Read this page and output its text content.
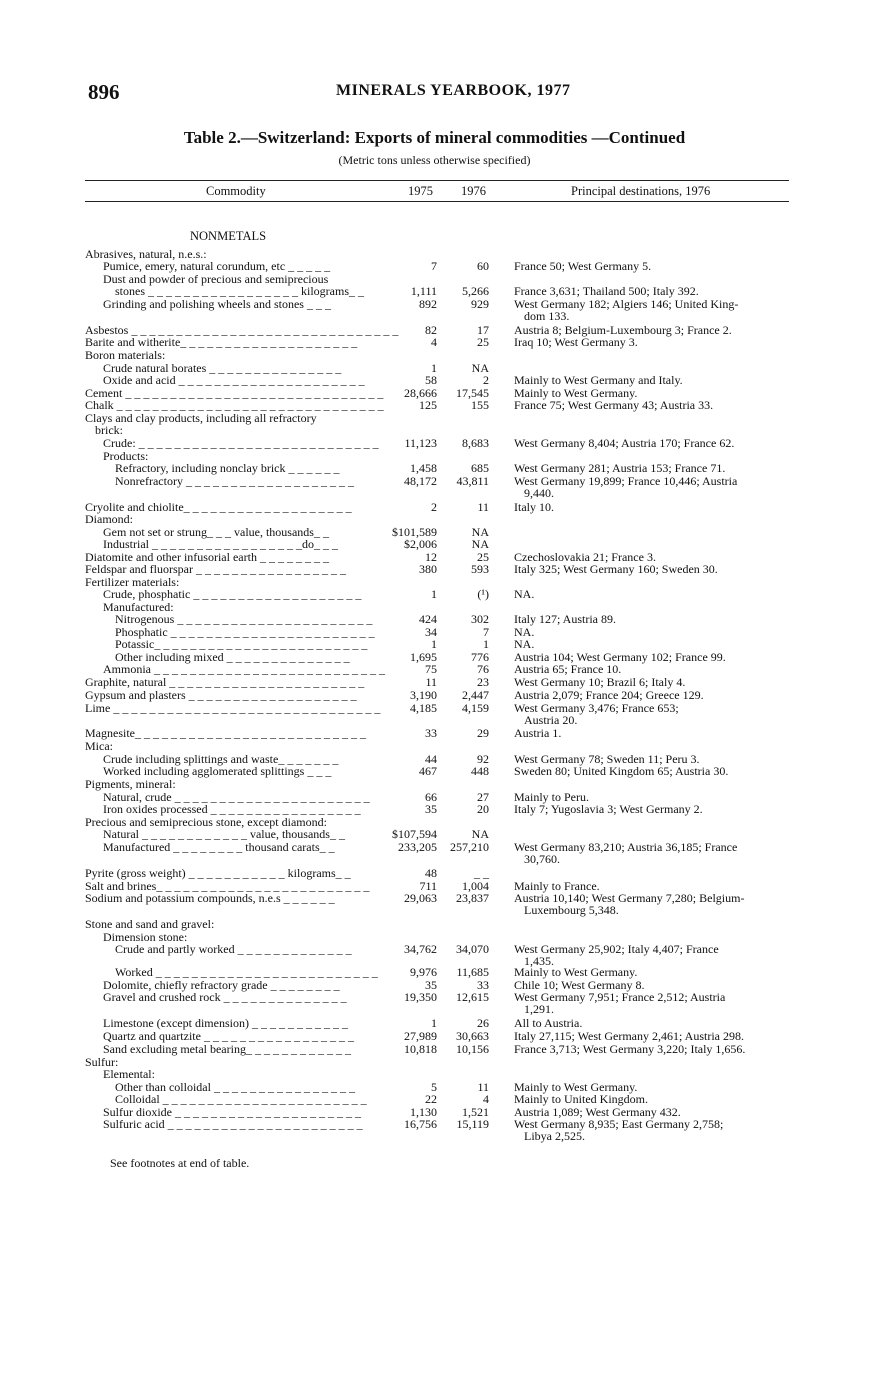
896	MINERALS YEARBOOK, 1977
Table 2.—Switzerland: Exports of mineral commodities —Continued
(Metric tons unless otherwise specified)
Commodity	1975 1976	Principal destinations, 1976
NONMETALS
Abrasives, natural, n.e.s.:
Pumice, emery, natural corundum, etc _ _ _ _ _	7	60 France 50; West Germany 5.
Dust and powder of precious and semiprecious
stones _ _ _ _ _ _ _ _ _ _ _ _ _ _ _ _ _ kilograms_ _	1,111 5,266 France 3,631; Thailand 500; Italy 392.
Grinding and polishing wheels and stones _ _ _	892	929 West Germany 182; Algiers 146; United King-
dom 133.
Asbestos _ _ _ _ _ _ _ _ _ _ _ _ _ _ _ _ _ _ _ _ _ _ _ _ _ _ _ _ _ _ 82	17 Austria 8; Belgium-Luxembourg 3; France 2.
Barite and witherite_ _ _ _ _ _ _ _ _ _ _ _ _ _ _ _ _ _ _ _	4	25 Iraq 10; West Germany 3.
Boron materials:
Crude natural borates _ _ _ _ _ _ _ _ _ _ _ _ _ _ _	1	NA
Oxide and acid _ _ _ _ _ _ _ _ _ _ _ _ _ _ _ _ _ _ _ _ _	58	2 Mainly to West Germany and Italy.
Cement _ _ _ _ _ _ _ _ _ _ _ _ _ _ _ _ _ _ _ _ _ _ _ _ _ _ _ _ _ 28,666 17,545 Mainly to West Germany.
Chalk _ _ _ _ _ _ _ _ _ _ _ _ _ _ _ _ _ _ _ _ _ _ _ _ _ _ _ _ _ _	125	155 France 75; West Germany 43; Austria 33.
Clays and clay products, including all refractory
brick:
Crude: _ _ _ _ _ _ _ _ _ _ _ _ _ _ _ _ _ _ _ _ _ _ _ _ _ _ _ 11,123 8,683 West Germany 8,404; Austria 170; France 62.
Products:
Refractory, including nonclay brick _ _ _ _ _ _	1,458	685 West Germany 281; Austria 153; France 71.
Nonrefractory _ _ _ _ _ _ _ _ _ _ _ _ _ _ _ _ _ _ _	48,172 43,811 West Germany 19,899; France 10,446; Austria
9,440.
Cryolite and chiolite_ _ _ _ _ _ _ _ _ _ _ _ _ _ _ _ _ _ _	2	11 Italy 10.
Diamond:
Gem not set or strung_ _ _ value, thousands_ _	$101,589	NA
Industrial _ _ _ _ _ _ _ _ _ _ _ _ _ _ _ _ _do_ _ _	$2,006	NA
Diatomite and other infusorial earth _ _ _ _ _ _ _ _	12	25 Czechoslovakia 21; France 3.
Feldspar and fluorspar _ _ _ _ _ _ _ _ _ _ _ _ _ _ _ _ _	380	593 Italy 325; West Germany 160; Sweden 30.
Fertilizer materials:
Crude, phosphatic _ _ _ _ _ _ _ _ _ _ _ _ _ _ _ _ _ _ _	1	(¹) NA.
Manufactured:
Nitrogenous _ _ _ _ _ _ _ _ _ _ _ _ _ _ _ _ _ _ _ _ _ _	424	302 Italy 127; Austria 89.
Phosphatic _ _ _ _ _ _ _ _ _ _ _ _ _ _ _ _ _ _ _ _ _ _ _	34	7 NA.
Potassic_ _ _ _ _ _ _ _ _ _ _ _ _ _ _ _ _ _ _ _ _ _ _ _	1	1 NA.
Other including mixed _ _ _ _ _ _ _ _ _ _ _ _ _ _	1,695	776 Austria 104; West Germany 102; France 99.
Ammonia _ _ _ _ _ _ _ _ _ _ _ _ _ _ _ _ _ _ _ _ _ _ _ _ _ _	75	76 Austria 65; France 10.
Graphite, natural _ _ _ _ _ _ _ _ _ _ _ _ _ _ _ _ _ _ _ _ _ _	11	23 West Germany 10; Brazil 6; Italy 4.
Gypsum and plasters _ _ _ _ _ _ _ _ _ _ _ _ _ _ _ _ _ _ _	3,190 2,447 Austria 2,079; France 204; Greece 129.
Lime _ _ _ _ _ _ _ _ _ _ _ _ _ _ _ _ _ _ _ _ _ _ _ _ _ _ _ _ _ _ 4,185 4,159 West Germany 3,476; France 653;
Austria 20.
Magnesite_ _ _ _ _ _ _ _ _ _ _ _ _ _ _ _ _ _ _ _ _ _ _ _ _ _	33	29 Austria 1.
Mica:
Crude including splittings and waste_ _ _ _ _ _ _	44	92 West Germany 78; Sweden 11; Peru 3.
Worked including agglomerated splittings _ _ _	467	448 Sweden 80; United Kingdom 65; Austria 30.
Pigments, mineral:
Natural, crude _ _ _ _ _ _ _ _ _ _ _ _ _ _ _ _ _ _ _ _ _ _	66	27 Mainly to Peru.
Iron oxides processed _ _ _ _ _ _ _ _ _ _ _ _ _ _ _ _ _	35	20 Italy 7; Yugoslavia 3; West Germany 2.
Precious and semiprecious stone, except diamond:
Natural _ _ _ _ _ _ _ _ _ _ _ _ value, thousands_ _	$107,594	NA
Manufactured _ _ _ _ _ _ _ _ thousand carats_ _	233,205 257,210 West Germany 83,210; Austria 36,185; France
30,760.
Pyrite (gross weight) _ _ _ _ _ _ _ _ _ _ _ kilograms_ _	48	_ _
Salt and brines_ _ _ _ _ _ _ _ _ _ _ _ _ _ _ _ _ _ _ _ _ _ _ _	711 1,004 Mainly to France.
Sodium and potassium compounds, n.e.s _ _ _ _ _ _	29,063 23,837 Austria 10,140; West Germany 7,280; Belgium-
Luxembourg 5,348.
Stone and sand and gravel:
Dimension stone:
Crude and partly worked _ _ _ _ _ _ _ _ _ _ _ _ _	34,762 34,070 West Germany 25,902; Italy 4,407; France
1,435.
Worked _ _ _ _ _ _ _ _ _ _ _ _ _ _ _ _ _ _ _ _ _ _ _ _ _	9,976 11,685 Mainly to West Germany.
Dolomite, chiefly refractory grade _ _ _ _ _ _ _ _	35	33 Chile 10; West Germany 8.
Gravel and crushed rock _ _ _ _ _ _ _ _ _ _ _ _ _ _	19,350 12,615 West Germany 7,951; France 2,512; Austria
1,291.
Limestone (except dimension) _ _ _ _ _ _ _ _ _ _ _	1	26 All to Austria.
Quartz and quartzite _ _ _ _ _ _ _ _ _ _ _ _ _ _ _ _ _	27,989 30,663 Italy 27,115; West Germany 2,461; Austria 298.
Sand excluding metal bearing_ _ _ _ _ _ _ _ _ _ _ _	10,818 10,156 France 3,713; West Germany 3,220; Italy 1,656.
Sulfur:
Elemental:
Other than colloidal _ _ _ _ _ _ _ _ _ _ _ _ _ _ _ _	5	11 Mainly to West Germany.
Colloidal _ _ _ _ _ _ _ _ _ _ _ _ _ _ _ _ _ _ _ _ _ _ _	22	4 Mainly to United Kingdom.
Sulfur dioxide _ _ _ _ _ _ _ _ _ _ _ _ _ _ _ _ _ _ _ _ _	1,130 1,521 Austria 1,089; West Germany 432.
Sulfuric acid _ _ _ _ _ _ _ _ _ _ _ _ _ _ _ _ _ _ _ _ _ _	16,756 15,119 West Germany 8,935; East Germany 2,758;
Libya 2,525.
See footnotes at end of table.
